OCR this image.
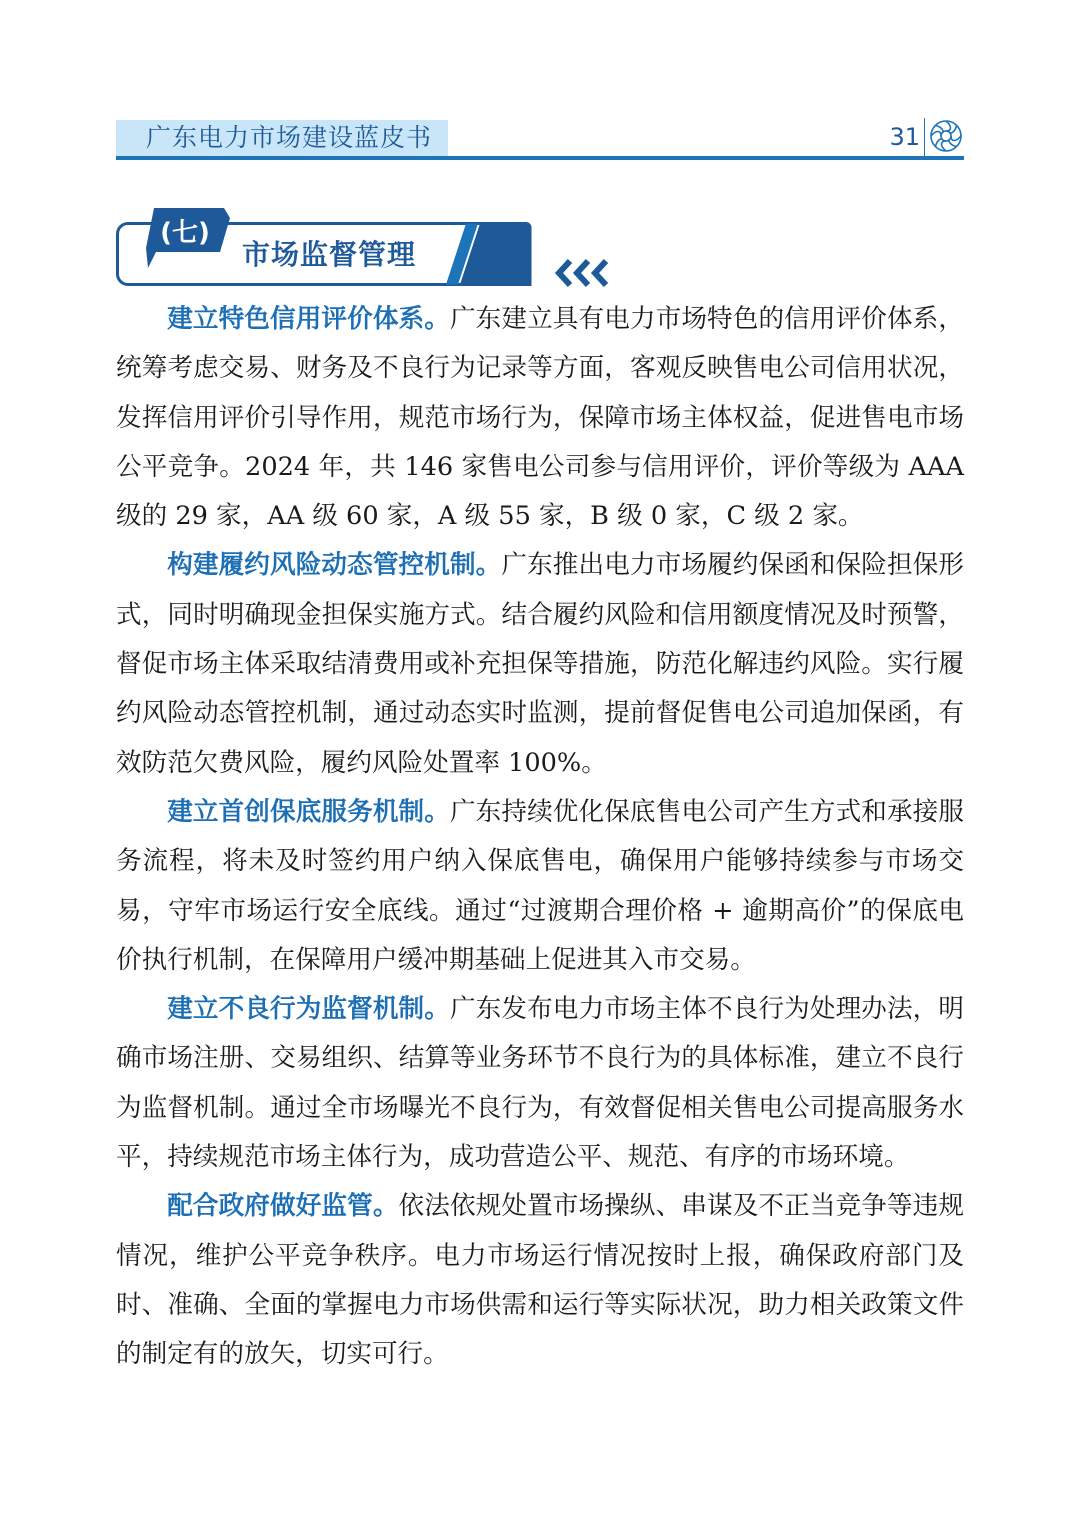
广东电力市场建设蓝皮书	31
(七)
市场监督管理

建立特色信用评价体系。广东建立具有电力市场特色的信用评价体系，统筹考虑交易、财务及不良行为记录等方面，客观反映售电公司信用状况，发挥信用评价引导作用，规范市场行为，保障市场主体权益，促进售电市场公平竞争。2024 年，共 146 家售电公司参与信用评价，评价等级为 AAA 级的 29 家，AA 级 60 家，A 级 55 家，B 级 0 家，C 级 2 家。

构建履约风险动态管控机制。广东推出电力市场履约保函和保险担保形式，同时明确现金担保实施方式。结合履约风险和信用额度情况及时预警，督促市场主体采取结清费用或补充担保等措施，防范化解违约风险。实行履约风险动态管控机制，通过动态实时监测，提前督促售电公司追加保函，有效防范欠费风险，履约风险处置率 100%。

建立首创保底服务机制。广东持续优化保底售电公司产生方式和承接服务流程，将未及时签约用户纳入保底售电，确保用户能够持续参与市场交易，守牢市场运行安全底线。通过“过渡期合理价格 + 逾期高价”的保底电价执行机制，在保障用户缓冲期基础上促进其入市交易。

建立不良行为监督机制。广东发布电力市场主体不良行为处理办法，明确市场注册、交易组织、结算等业务环节不良行为的具体标准，建立不良行为监督机制。通过全市场曝光不良行为，有效督促相关售电公司提高服务水平，持续规范市场主体行为，成功营造公平、规范、有序的市场环境。

配合政府做好监管。依法依规处置市场操纵、串谋及不正当竞争等违规情况，维护公平竞争秩序。电力市场运行情况按时上报，确保政府部门及时、准确、全面的掌握电力市场供需和运行等实际状况，助力相关政策文件的制定有的放矢，切实可行。
